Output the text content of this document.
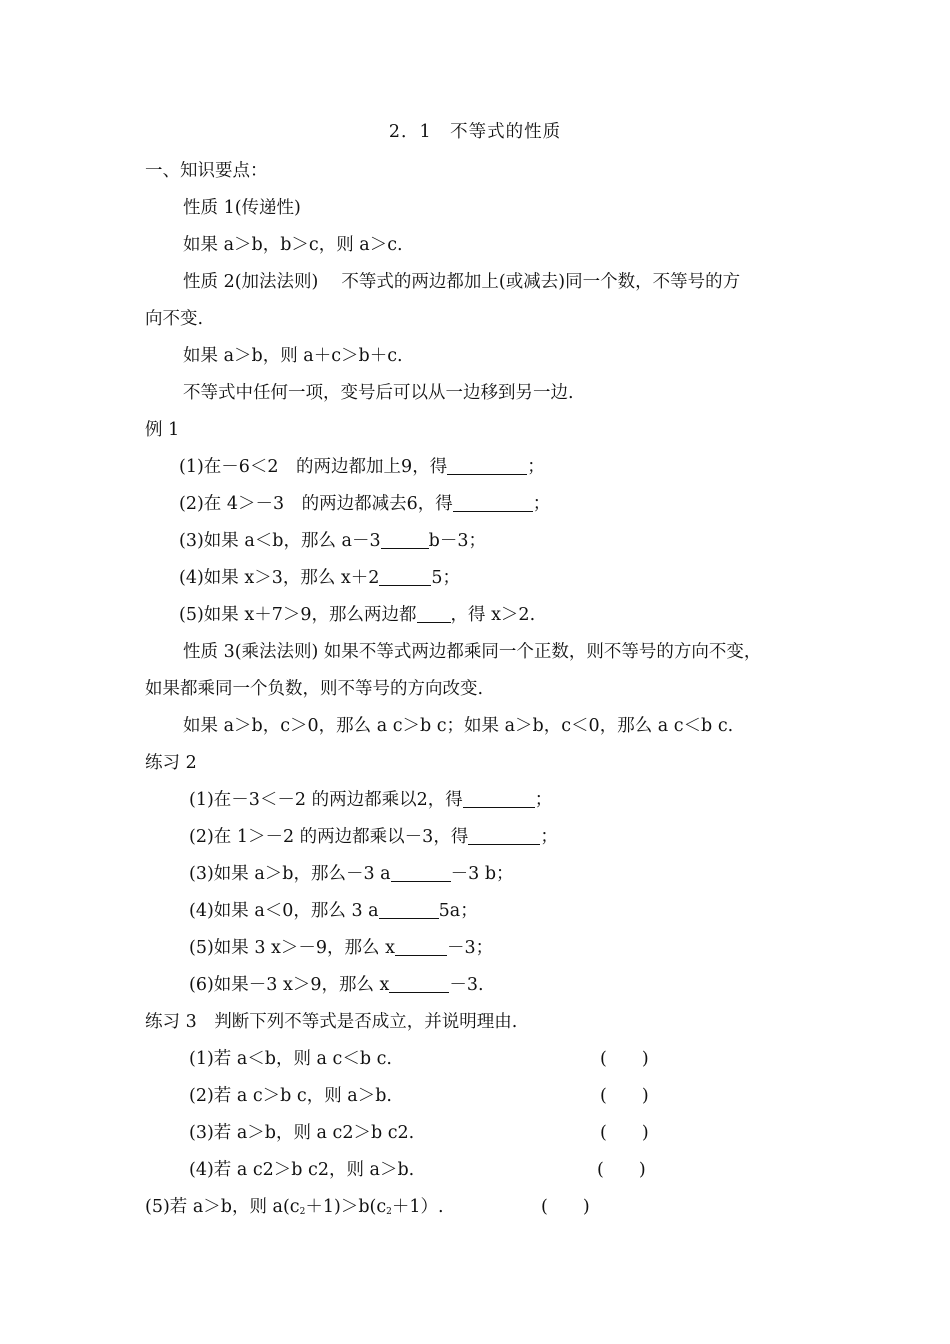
2．1　不等式的性质
一、知识要点：
性质 1(传递性)
如果 a＞b，b＞c，则 a＞c.
性质 2(加法法则)　 不等式的两边都加上(或减去)同一个数，不等号的方
向不变.
如果 a＞b，则 a＋c＞b＋c.
不等式中任何一项，变号后可以从一边移到另一边.
例 1
(1)在－6＜2　的两边都加上9，得	；
(2)在 4＞－3　的两边都减去6，得	；
(3)如果 a＜b，那么 a－3	b－3；
(4)如果 x＞3，那么 x＋2	5；
(5)如果 x＋7＞9，那么两边都 ，得 x＞2.
性质 3(乘法法则) 如果不等式两边都乘同一个正数，则不等号的方向不变，
如果都乘同一个负数，则不等号的方向改变.
如果 a＞b，c＞0，那么 a c＞b c；如果 a＞b，c＜0，那么 a c＜b c.
练习 2
(1)在－3＜－2 的两边都乘以2，得	；
(2)在 1＞－2 的两边都乘以－3，得	；
(3)如果 a＞b，那么－3 a	－3 b；
(4)如果 a＜0，那么 3 a	5a；
(5)如果 3 x＞－9，那么 x	－3；
(6)如果－3 x＞9，那么 x	－3.
练习 3　判断下列不等式是否成立，并说明理由.
(1)若 a＜b，则 a c＜b c.	(　　)
(2)若 a c＞b c，则 a＞b.	(　　)
(3)若 a＞b，则 a c2＞b c2.	(　　)
(4)若 a c2＞b c2，则 a＞b.	(　　)
(5)若 a＞b，则 $a(c_2+1)>b(c_2+1)$.	(　　)
